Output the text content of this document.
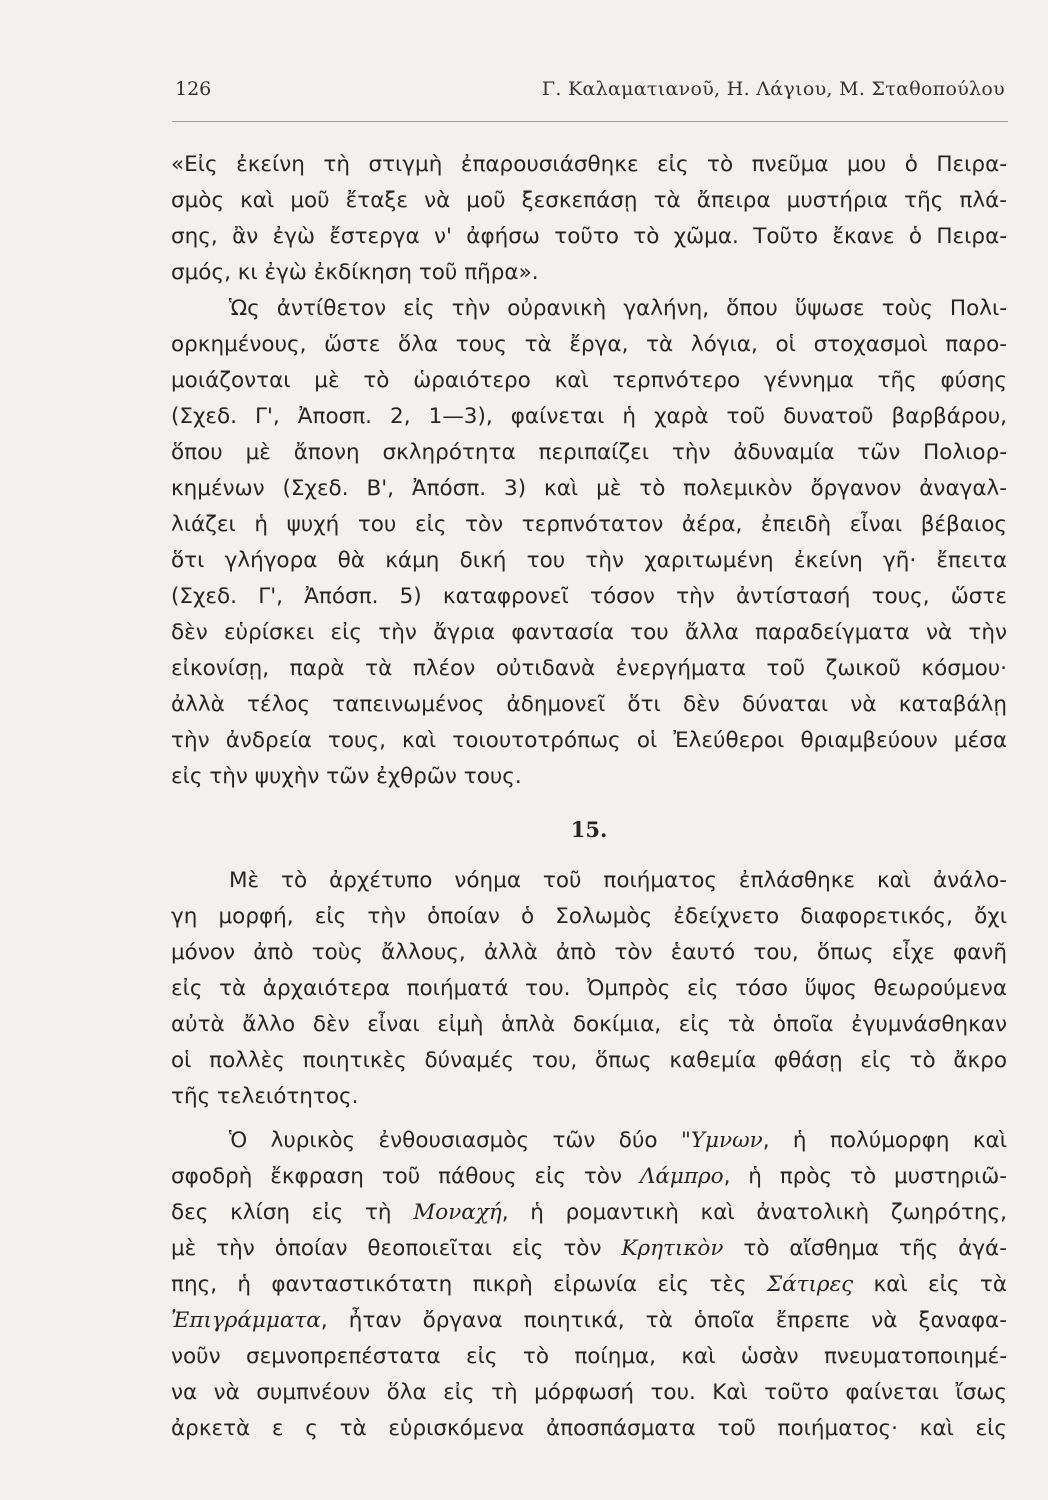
126	Γ. Καλαματιανοῦ, Η. Λάγιου, Μ. Σταθοπούλου
«Εἰς ἐκείνη τὴ στιγμὴ ἐπαρουσιάσθηκε εἰς τὸ πνεῦμα μου ὁ Πειρα-
σμὸς καὶ μοῦ ἔταξε νὰ μοῦ ξεσκεπάσῃ τὰ ἄπειρα μυστήρια τῆς πλά-
σης, ἂν ἐγὼ ἔστεργα ν' ἀφήσω τοῦτο τὸ χῶμα. Τοῦτο ἔκανε ὁ Πειρα-
σμός, κι ἐγὼ ἐκδίκηση τοῦ πῆρα».
Ὡς ἀντίθετον εἰς τὴν οὐρανικὴ γαλήνη, ὅπου ὕψωσε τοὺς Πολι-
ορκημένους, ὥστε ὅλα τους τὰ ἔργα, τὰ λόγια, οἱ στοχασμοὶ παρο-
μοιάζονται μὲ τὸ ὡραιότερο καὶ τερπνότερο γέννημα τῆς φύσης
(Σχεδ. Γ', Ἀποσπ. 2, 1—3), φαίνεται ἡ χαρὰ τοῦ δυνατοῦ βαρβάρου,
ὅπου μὲ ἄπονη σκληρότητα περιπαίζει τὴν ἀδυναμία τῶν Πολιορ-
κημένων (Σχεδ. Β', Ἀπόσπ. 3) καὶ μὲ τὸ πολεμικὸν ὄργανον ἀναγαλ-
λιάζει ἡ ψυχή του εἰς τὸν τερπνότατον ἀέρα, ἐπειδὴ εἶναι βέβαιος
ὅτι γλήγορα θὰ κάμη δική του τὴν χαριτωμένη ἐκείνη γῆ· ἔπειτα
(Σχεδ. Γ', Ἀπόσπ. 5) καταφρονεῖ τόσον τὴν ἀντίστασή τους, ὥστε
δὲν εὑρίσκει εἰς τὴν ἄγρια φαντασία του ἄλλα παραδείγματα νὰ τὴν
εἰκονίσῃ, παρὰ τὰ πλέον οὐτιδανὰ ἐνεργήματα τοῦ ζωικοῦ κόσμου·
ἀλλὰ τέλος ταπεινωμένος ἀδημονεῖ ὅτι δὲν δύναται νὰ καταβάλῃ
τὴν ἀνδρεία τους, καὶ τοιουτοτρόπως οἱ Ἐλεύθεροι θριαμβεύουν μέσα
εἰς τὴν ψυχὴν τῶν ἐχθρῶν τους.
15.
Μὲ τὸ ἀρχέτυπο νόημα τοῦ ποιήματος ἐπλάσθηκε καὶ ἀνάλο-
γη μορφή, εἰς τὴν ὁποίαν ὁ Σολωμὸς ἐδείχνετο διαφορετικός, ὄχι
μόνον ἀπὸ τοὺς ἄλλους, ἀλλὰ ἀπὸ τὸν ἑαυτό του, ὅπως εἶχε φανῆ
εἰς τὰ ἀρχαιότερα ποιήματά του. Ὀμπρὸς εἰς τόσο ὕψος θεωρούμενα
αὐτὰ ἄλλο δὲν εἶναι εἰμὴ ἁπλὰ δοκίμια, εἰς τὰ ὁποῖα ἐγυμνάσθηκαν
οἱ πολλὲς ποιητικὲς δύναμές του, ὅπως καθεμία φθάσῃ εἰς τὸ ἄκρο
τῆς τελειότητος.
Ὁ λυρικὸς ἐνθουσιασμὸς τῶν δύο "Υμνων, ἡ πολύμορφη καὶ
σφοδρὴ ἔκφραση τοῦ πάθους εἰς τὸν Λάμπρο, ἡ πρὸς τὸ μυστηριῶ-
δες κλίση εἰς τὴ Μοναχή, ἡ ρομαντικὴ καὶ ἀνατολικὴ ζωηρότης,
μὲ τὴν ὁποίαν θεοποιεῖται εἰς τὸν Κρητικὸν τὸ αἴσθημα τῆς ἀγά-
πης, ἡ φανταστικότατη πικρὴ εἰρωνία εἰς τὲς Σάτιρες καὶ εἰς τὰ
Ἐπιγράμματα, ἦταν ὄργανα ποιητικά, τὰ ὁποῖα ἔπρεπε νὰ ξαναφα-
νοῦν σεμνοπρεπέστατα εἰς τὸ ποίημα, καὶ ὡσὰν πνευματοποιημέ-
να νὰ συμπνέουν ὅλα εἰς τὴ μόρφωσή του. Καὶ τοῦτο φαίνεται ἴσως
ἀρκετὰ ε ς τὰ εὑρισκόμενα ἀποσπάσματα τοῦ ποιήματος· καὶ εἰς
